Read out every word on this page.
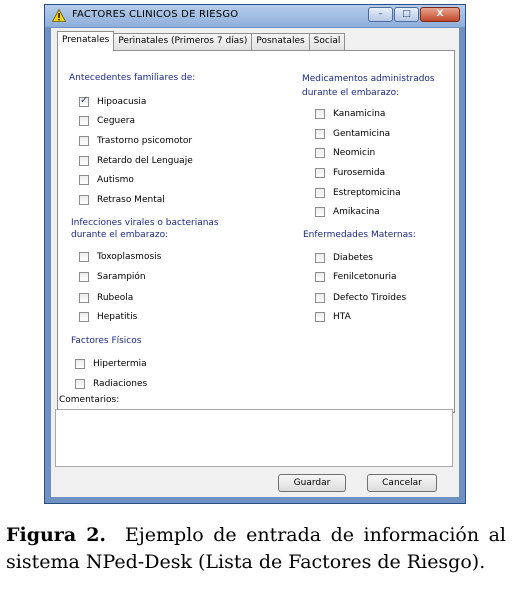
FACTORES CLINICOS DE RIESGO	–	□	X
Prenatales	Perinatales (Primeros 7 días)	Posnatales	Social
Antecedentes familiares de:
✓
Hipoacusia
Ceguera
Trastorno psicomotor
Retardo del Lenguaje
Autismo
Retraso Mental
Infecciones virales o bacterianas
durante el embarazo:
Toxoplasmosis
Sarampión
Rubeola
Hepatitis
Factores Físicos
Hipertermia
Radiaciones
Medicamentos administrados
durante el embarazo:
Kanamicina
Gentamicina
Neomicin
Furosemida
Estreptomicina
Amikacina
Enfermedades Maternas:
Diabetes
Fenilcetonuria
Defecto Tiroides
HTA
Comentarios:
Guardar	Cancelar
Figura 2. Ejemplo de entrada de información al sistema NPed-Desk (Lista de Factores de Riesgo).
